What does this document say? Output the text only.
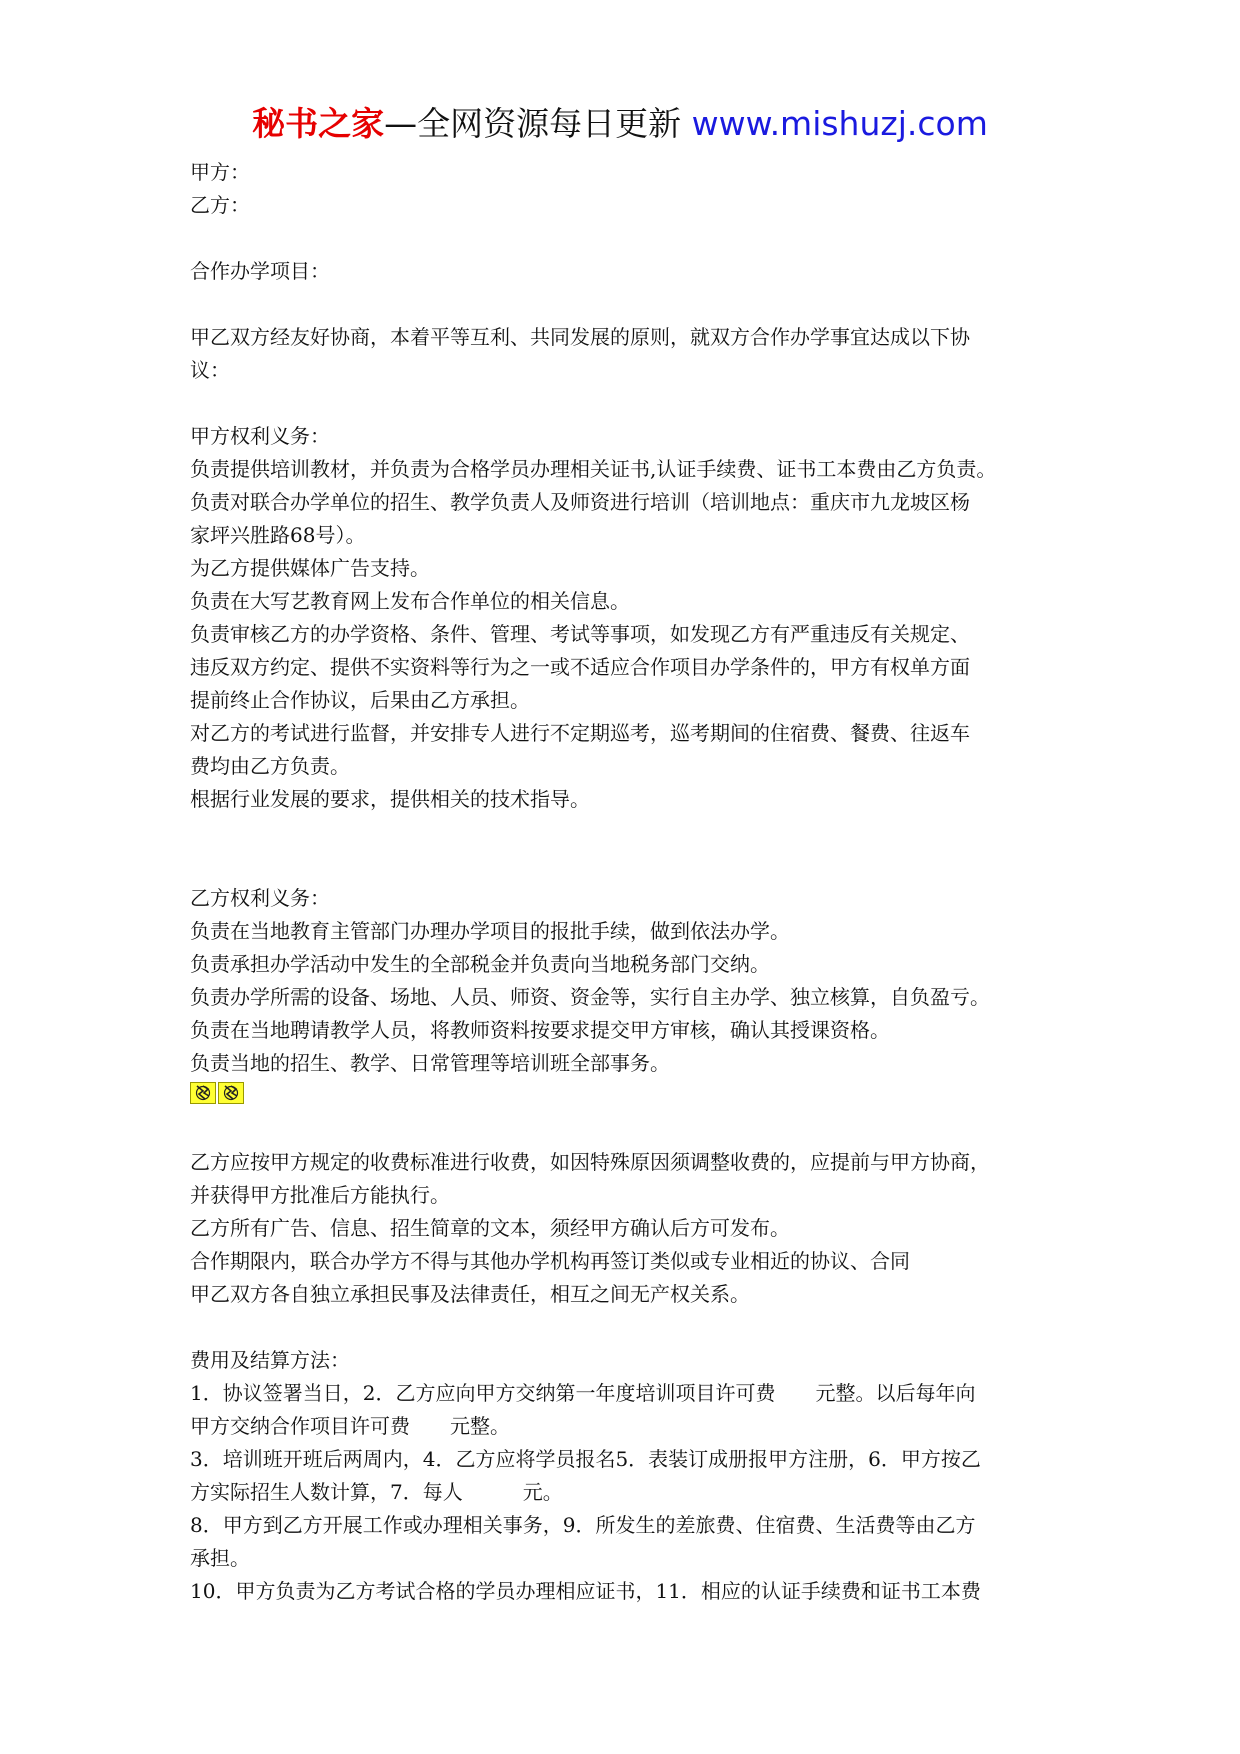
秘书之家—全网资源每日更新 www.mishuzj.com
甲方：
乙方：
合作办学项目：
甲乙双方经友好协商，本着平等互利、共同发展的原则，就双方合作办学事宜达成以下协
议：
甲方权利义务：
负责提供培训教材，并负责为合格学员办理相关证书,认证手续费、证书工本费由乙方负责。
负责对联合办学单位的招生、教学负责人及师资进行培训（培训地点：重庆市九龙坡区杨
家坪兴胜路68号）。
为乙方提供媒体广告支持。
负责在大写艺教育网上发布合作单位的相关信息。
负责审核乙方的办学资格、条件、管理、考试等事项，如发现乙方有严重违反有关规定、
违反双方约定、提供不实资料等行为之一或不适应合作项目办学条件的，甲方有权单方面
提前终止合作协议，后果由乙方承担。
对乙方的考试进行监督，并安排专人进行不定期巡考，巡考期间的住宿费、餐费、往返车
费均由乙方负责。
根据行业发展的要求，提供相关的技术指导。
乙方权利义务：
负责在当地教育主管部门办理办学项目的报批手续，做到依法办学。
负责承担办学活动中发生的全部税金并负责向当地税务部门交纳。
负责办学所需的设备、场地、人员、师资、资金等，实行自主办学、独立核算，自负盈亏。
负责在当地聘请教学人员，将教师资料按要求提交甲方审核，确认其授课资格。
负责当地的招生、教学、日常管理等培训班全部事务。
乙方应按甲方规定的收费标准进行收费，如因特殊原因须调整收费的，应提前与甲方协商，
并获得甲方批准后方能执行。
乙方所有广告、信息、招生简章的文本，须经甲方确认后方可发布。
合作期限内，联合办学方不得与其他办学机构再签订类似或专业相近的协议、合同
甲乙双方各自独立承担民事及法律责任，相互之间无产权关系。
费用及结算方法：
1．协议签署当日，2．乙方应向甲方交纳第一年度培训项目许可费　　元整。以后每年向
甲方交纳合作项目许可费　　元整。
3．培训班开班后两周内，4．乙方应将学员报名5．表装订成册报甲方注册，6．甲方按乙
方实际招生人数计算，7．每人　　　元。
8．甲方到乙方开展工作或办理相关事务，9．所发生的差旅费、住宿费、生活费等由乙方
承担。
10．甲方负责为乙方考试合格的学员办理相应证书，11．相应的认证手续费和证书工本费
